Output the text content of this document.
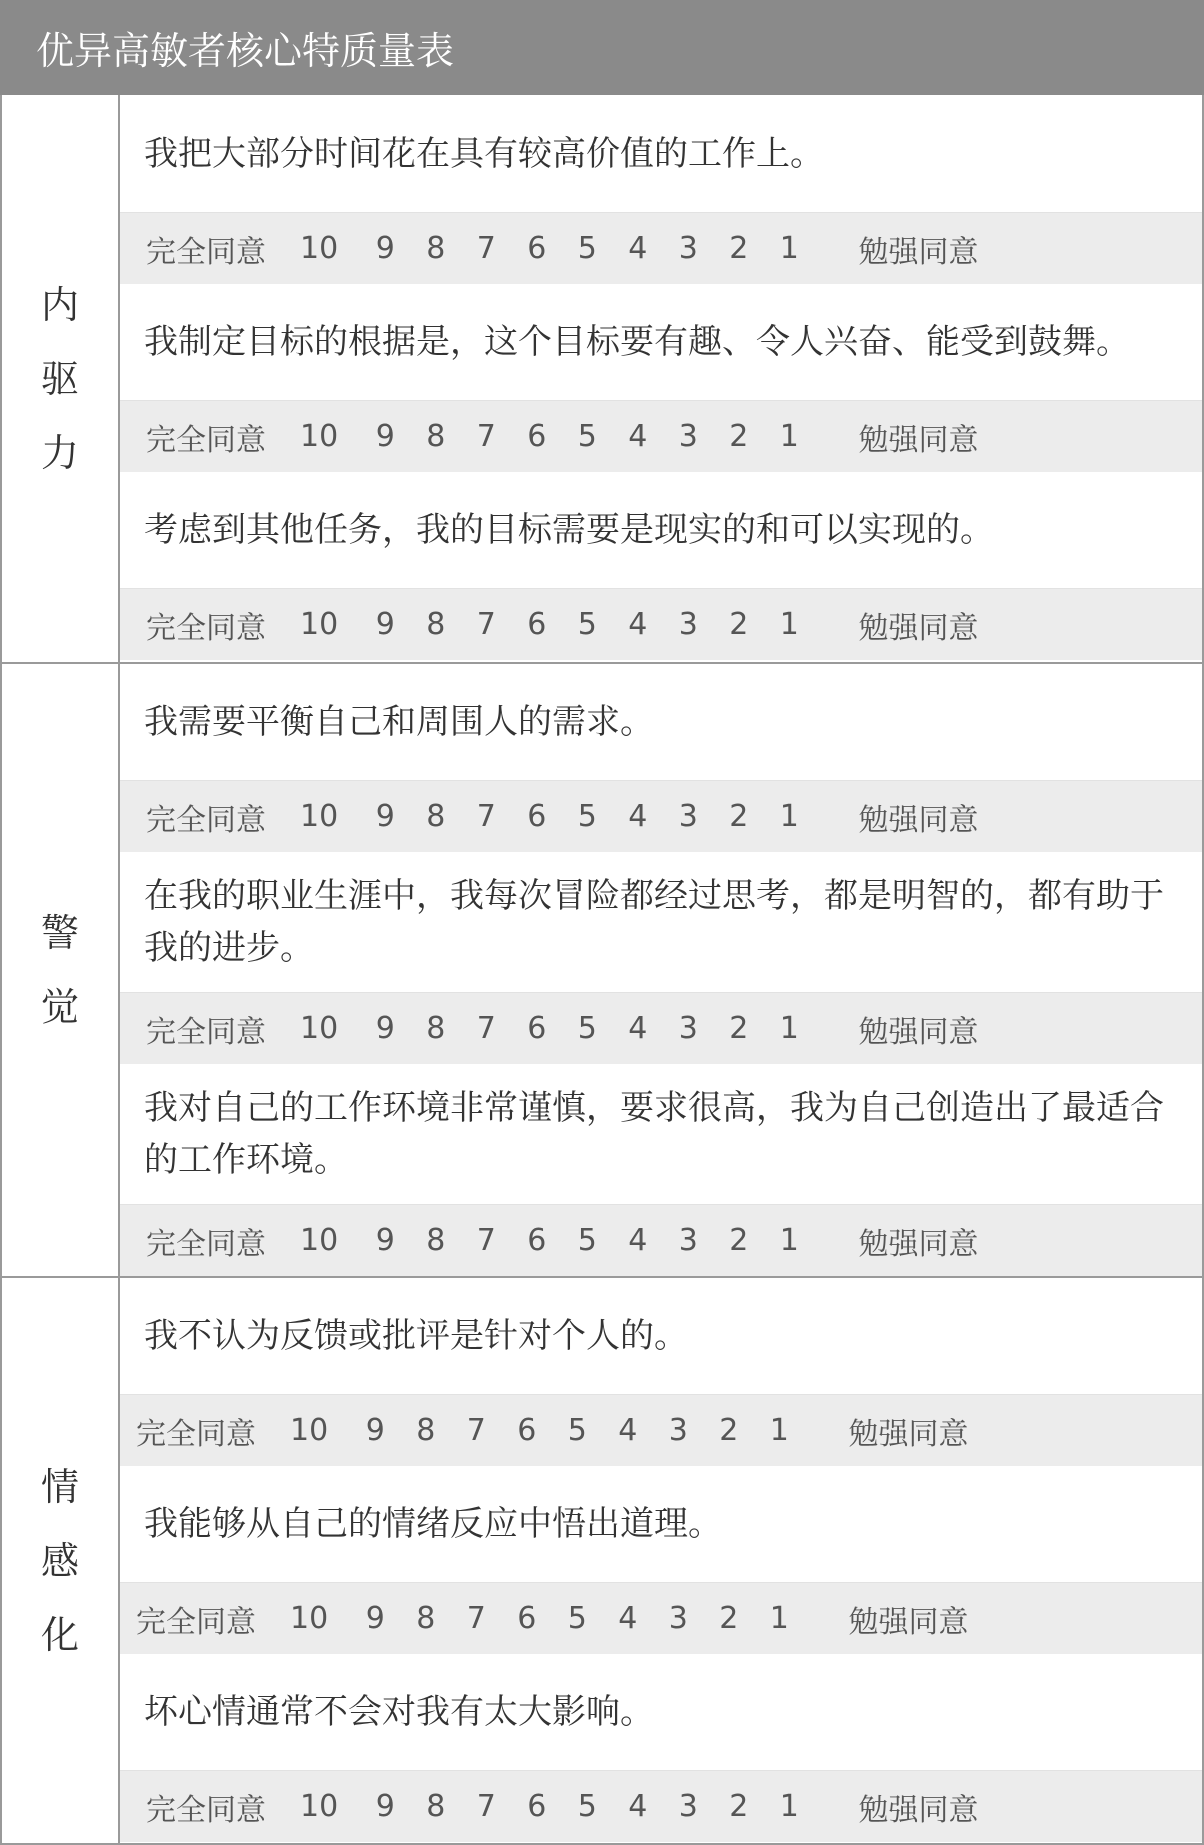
优异高敏者核心特质量表
内驱力
我把大部分时间花在具有较高价值的工作上。
完全同意	10	9	8	7	6	5	4	3	2	1	勉强同意
我制定目标的根据是，这个目标要有趣、令人兴奋、能受到鼓舞。
完全同意	10	9	8	7	6	5	4	3	2	1	勉强同意
考虑到其他任务，我的目标需要是现实的和可以实现的。
完全同意	10	9	8	7	6	5	4	3	2	1	勉强同意
警觉
我需要平衡自己和周围人的需求。
完全同意	10	9	8	7	6	5	4	3	2	1	勉强同意
在我的职业生涯中，我每次冒险都经过思考，都是明智的，都有助于我的进步。
完全同意	10	9	8	7	6	5	4	3	2	1	勉强同意
我对自己的工作环境非常谨慎，要求很高，我为自己创造出了最适合的工作环境。
完全同意	10	9	8	7	6	5	4	3	2	1	勉强同意
情感化
我不认为反馈或批评是针对个人的。
完全同意	10	9	8	7	6	5	4	3	2	1	勉强同意
我能够从自己的情绪反应中悟出道理。
完全同意	10	9	8	7	6	5	4	3	2	1	勉强同意
坏心情通常不会对我有太大影响。
完全同意	10	9	8	7	6	5	4	3	2	1	勉强同意
